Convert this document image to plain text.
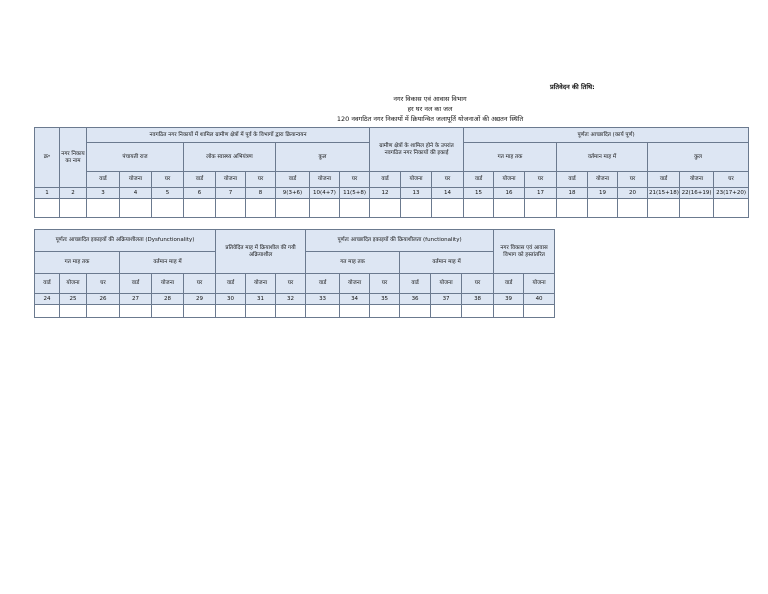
प्रतिवेदन की तिथि:
नगर विकास एवं आवास विभाग
हर घर नल का जल
120 नवगठित नगर निकायों में क्रियान्वित जलापूर्ति योजनाओं की अद्यतन स्थिति
क्र॰	नगर निकाय का नाम	नवगठित नगर निकायों में शामिल ग्रामीण क्षेत्रों में पूर्व के विभागों द्वारा क्रियान्वयन									ग्रामीण क्षेत्रों के शामिल होने के उपरांत नवगठित नगर निकायों की इकाई			पूर्णतः आच्छादित (कार्य पूर्ण)								
		पंचायती राज			लोक स्वास्थ्य अभियंत्रण			कुल						गत माह तक			वर्तमान माह में			कुल		
		वार्ड	योजना	घर	वार्ड	योजना	घर	वार्ड	योजना	घर	वार्ड	योजना	घर	वार्ड	योजना	घर	वार्ड	योजना	घर	वार्ड	योजना	घर
1	2	3	4	5	6	7	8	9(3+6)	10(4+7)	11(5+8)	12	13	14	15	16	17	18	19	20	21(15+18)	22(16+19)	23(17+20)

पूर्णतः आच्छादित इकाइयों की अक्रियाशीलता (Dysfunctionality)						प्रतिवेदित माह में क्रियाशील की गयी अक्रियाशील			पूर्णतः आच्छादित इकाइयों की क्रियाशीलता (functionality)						नगर विकास एवं आवास विभाग को हस्तांतरित	
गत माह तक			वर्तमान माह में						गत माह तक			वर्तमान माह में				
वार्ड	योजना	घर	वार्ड	योजना	घर	वार्ड	योजना	घर	वार्ड	योजना	घर	वार्ड	योजना	घर	वार्ड	योजना
24	25	26	27	28	29	30	31	32	33	34	35	36	37	38	39	40
